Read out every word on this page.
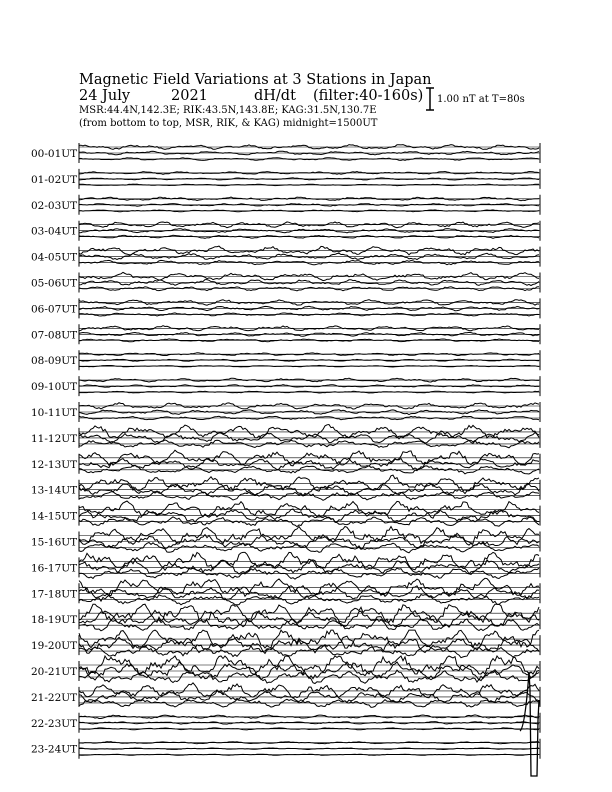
Magnetic Field Variations at 3 Stations in Japan
24 July	2021	dH/dt (filter:40-160s)
MSR:44.4N,142.3E; RIK:43.5N,143.8E; KAG:31.5N,130.7E
(from bottom to top, MSR, RIK, & KAG) midnight=1500UT
1.00 nT at T=80s
00-01UT
01-02UT
02-03UT
03-04UT
04-05UT
05-06UT
06-07UT
07-08UT
08-09UT
09-10UT
10-11UT
11-12UT
12-13UT
13-14UT
14-15UT
15-16UT
16-17UT
17-18UT
18-19UT
19-20UT
20-21UT
21-22UT
22-23UT
23-24UT
